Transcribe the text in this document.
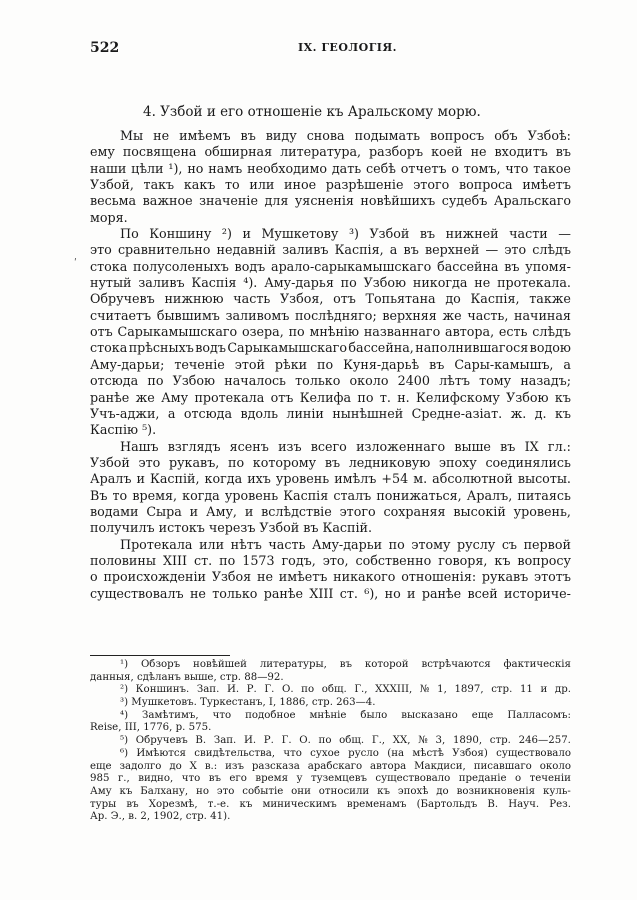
522	IX. ГЕОЛОГІЯ.
4. Узбой и его отношеніе къ Аральскому морю.
ʹ
Мы не имѣемъ въ виду снова подымать вопросъ объ Узбоѣ:
ему посвящена обширная литература, разборъ коей не входитъ въ
наши цѣли ¹), но намъ необходимо дать себѣ отчетъ о томъ, что такое
Узбой, такъ какъ то или иное разрѣшеніе этого вопроса имѣетъ
весьма важное значеніе для уясненія новѣйшихъ судебъ Аральскаго
моря.
По Коншину ²) и Мушкетову ³) Узбой въ нижней части —
это сравнительно недавній заливъ Каспія, а въ верхней — это слѣдъ
стока полусоленыхъ водъ арало-сарыкамышскаго бассейна въ упомя-
нутый заливъ Каспія ⁴). Аму-дарья по Узбою никогда не протекала.
Обручевъ нижнюю часть Узбоя, отъ Топьятана до Каспія, также
считаетъ бывшимъ заливомъ послѣдняго; верхняя же часть, начиная
отъ Сарыкамышскаго озера, по мнѣнію названнаго автора, есть слѣдъ
стока прѣсныхъ водъ Сарыкамышскаго бассейна, наполнившагося водою
Аму-дарьи; теченіе этой рѣки по Куня-дарьѣ въ Сары-камышъ, а
отсюда по Узбою началось только около 2400 лѣтъ тому назадъ;
ранѣе же Аму протекала отъ Келифа по т. н. Келифскому Узбою къ
Учъ-аджи, а отсюда вдоль линіи нынѣшней Средне-азіат. ж. д. къ
Каспію ⁵).
Нашъ взглядъ ясенъ изъ всего изложеннаго выше въ IX гл.:
Узбой это рукавъ, по которому въ ледниковую эпоху соединялись
Аралъ и Каспій, когда ихъ уровень имѣлъ +54 м. абсолютной высоты.
Въ то время, когда уровень Каспія сталъ понижаться, Аралъ, питаясь
водами Сыра и Аму, и вслѣдствіе этого сохраняя высокій уровень,
получилъ истокъ черезъ Узбой въ Каспій.
Протекала или нѣтъ часть Аму-дарьи по этому руслу съ первой
половины XIII ст. по 1573 годъ, это, собственно говоря, къ вопросу
о происхожденіи Узбоя не имѣетъ никакого отношенія: рукавъ этотъ
существовалъ не только ранѣе XIII ст. ⁶), но и ранѣе всей историче-
¹) Обзоръ новѣйшей литературы, въ которой встрѣчаются фактическія
данныя, сдѣланъ выше, стр. 88—92.
²) Коншинъ. Зап. И. Р. Г. О. по общ. Г., XXXIII, № 1, 1897, стр. 11 и др.
³) Мушкетовъ. Туркестанъ, I, 1886, стр. 263—4.
⁴) Замѣтимъ, что подобное мнѣніе было высказано еще Палласомъ:
Reise, III, 1776, p. 575.
⁵) Обручевъ В. Зап. И. Р. Г. О. по общ. Г., XX, № 3, 1890, стр. 246—257.
⁶) Имѣются свидѣтельства, что сухое русло (на мѣстѣ Узбоя) существовало
еще задолго до X в.: изъ разсказа арабскаго автора Макдиси, писавшаго около
985 г., видно, что въ его время у туземцевъ существовало преданіе о теченіи
Аму къ Балхану, но это событіе они относили къ эпохѣ до возникновенія куль-
туры въ Хорезмѣ, т.-е. къ миническимъ временамъ (Бартольдъ В. Науч. Рез.
Ар. Э., в. 2, 1902, стр. 41).
